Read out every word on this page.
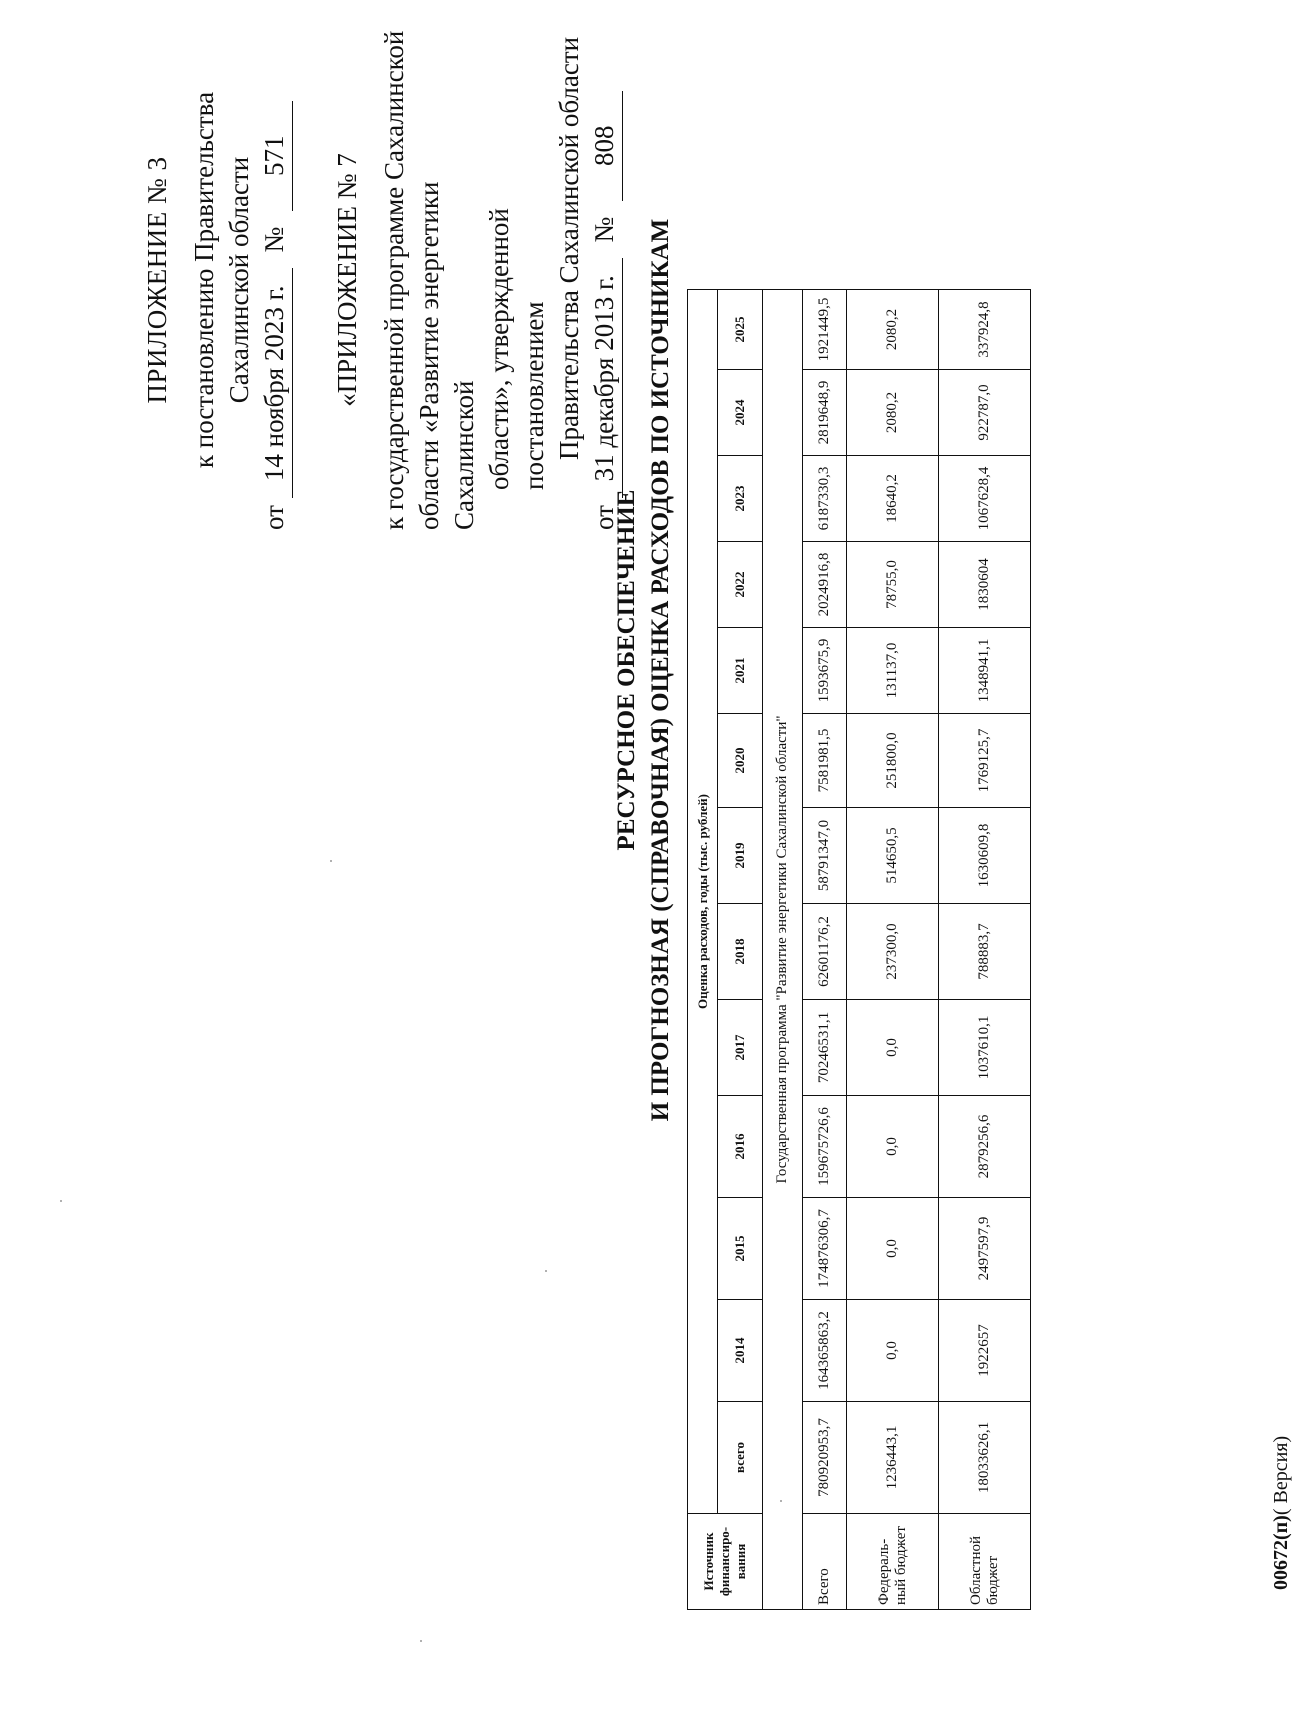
ПРИЛОЖЕНИЕ № 3 к постановлению Правительства Сахалинской области
от 14 ноября 2023 г. № 571 «ПРИЛОЖЕНИЕ № 7 к государственной программе Сахалинской области «Развитие энергетики Сахалинской области», утвержденной постановлением Правительства Сахалинской области
от 31 декабря 2013 г. № 808
РЕСУРСНОЕ ОБЕСПЕЧЕНИЕ И ПРОГНОЗНАЯ (СПРАВОЧНАЯ) ОЦЕНКА РАСХОДОВ ПО ИСТОЧНИКАМ
Источник финансиро-вания	Оценка расходов, годы (тыс. рублей)												
	всего	2014	2015	2016	2017	2018	2019	2020	2021	2022	2023	2024	2025
Государственная программа "Развитие энергетики Сахалинской области"													
Всего	780920953,7	164365863,2	174876306,7	159675726,6	70246531,1	62601176,2	58791347,0	7581981,5	1593675,9	2024916,8	6187330,3	2819648,9	1921449,5
Федераль-ный бюджет	1236443,1	0,0	0,0	0,0	0,0	237300,0	514650,5	251800,0	131137,0	78755,0	18640,2	2080,2	2080,2
Областной бюджет	18033626,1	1922657	2497597,9	2879256,6	1037610,1	788883,7	1630609,8	1769125,7	1348941,1	1830604	1067628,4	922787,0	337924,8
00672(п)( Версия)
